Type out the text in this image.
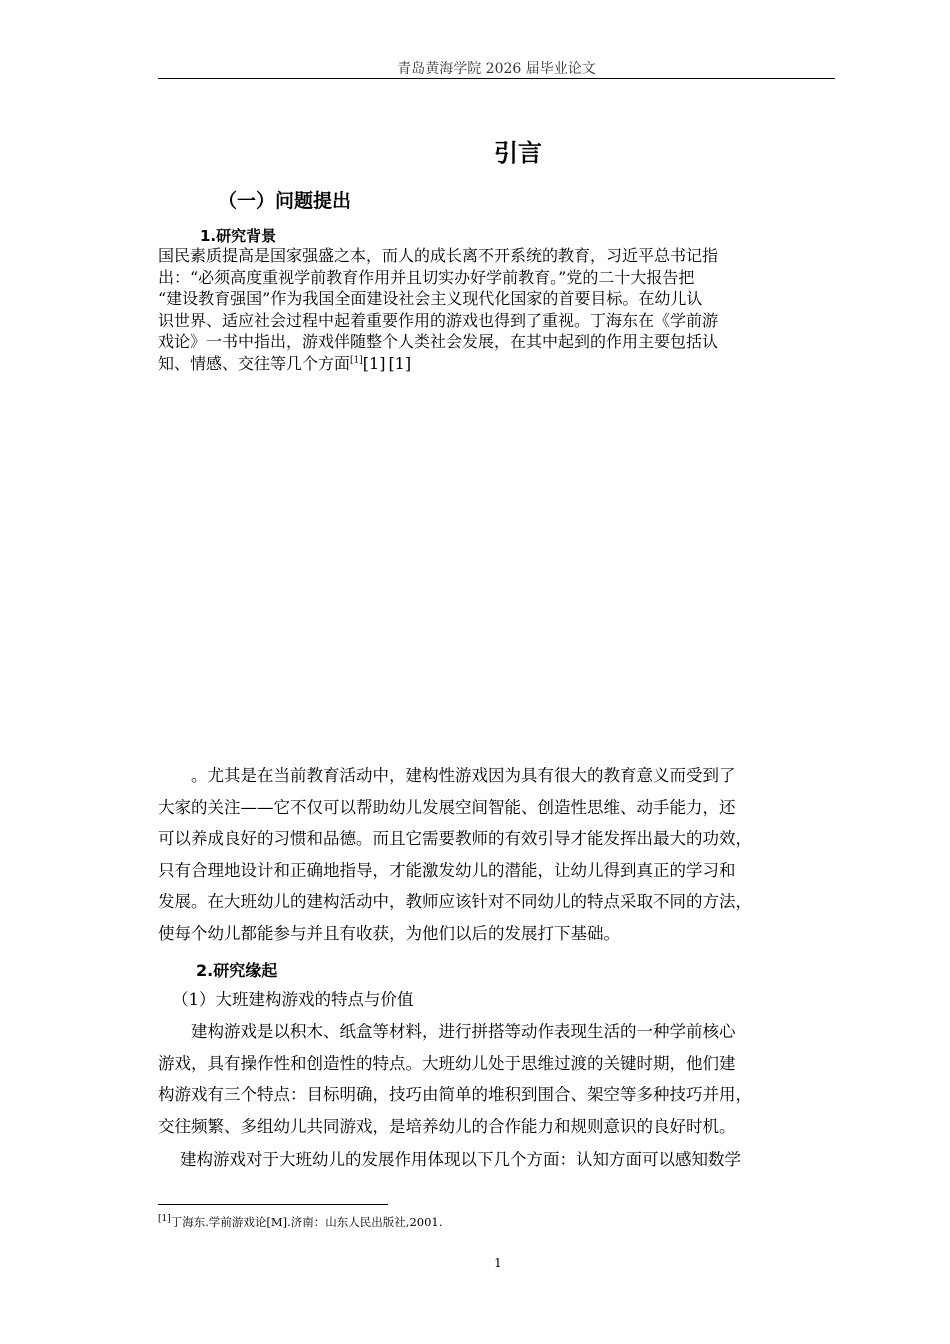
青岛黄海学院 2026 届毕业论文
引言
（一）问题提出
1.研究背景
国民素质提高是国家强盛之本，而人的成长离不开系统的教育，习近平总书记指
出：“必须高度重视学前教育作用并且切实办好学前教育。”党的二十大报告把
“建设教育强国”作为我国全面建设社会主义现代化国家的首要目标。在幼儿认
识世界、适应社会过程中起着重要作用的游戏也得到了重视。丁海东在《学前游
戏论》一书中指出，游戏伴随整个人类社会发展，在其中起到的作用主要包括认
知、情感、交往等几个方面[1][1] [1]
。尤其是在当前教育活动中，建构性游戏因为具有很大的教育意义而受到了
大家的关注——它不仅可以帮助幼儿发展空间智能、创造性思维、动手能力，还
可以养成良好的习惯和品德。而且它需要教师的有效引导才能发挥出最大的功效，
只有合理地设计和正确地指导，才能激发幼儿的潜能，让幼儿得到真正的学习和
发展。在大班幼儿的建构活动中，教师应该针对不同幼儿的特点采取不同的方法，
使每个幼儿都能参与并且有收获，为他们以后的发展打下基础。
2.研究缘起
（1）大班建构游戏的特点与价值
建构游戏是以积木、纸盒等材料，进行拼搭等动作表现生活的一种学前核心
游戏，具有操作性和创造性的特点。大班幼儿处于思维过渡的关键时期，他们建
构游戏有三个特点：目标明确，技巧由简单的堆积到围合、架空等多种技巧并用，
交往频繁、多组幼儿共同游戏，是培养幼儿的合作能力和规则意识的良好时机。
建构游戏对于大班幼儿的发展作用体现以下几个方面：认知方面可以感知数学
[1]丁海东.学前游戏论[M].济南：山东人民出版社,2001.
1
